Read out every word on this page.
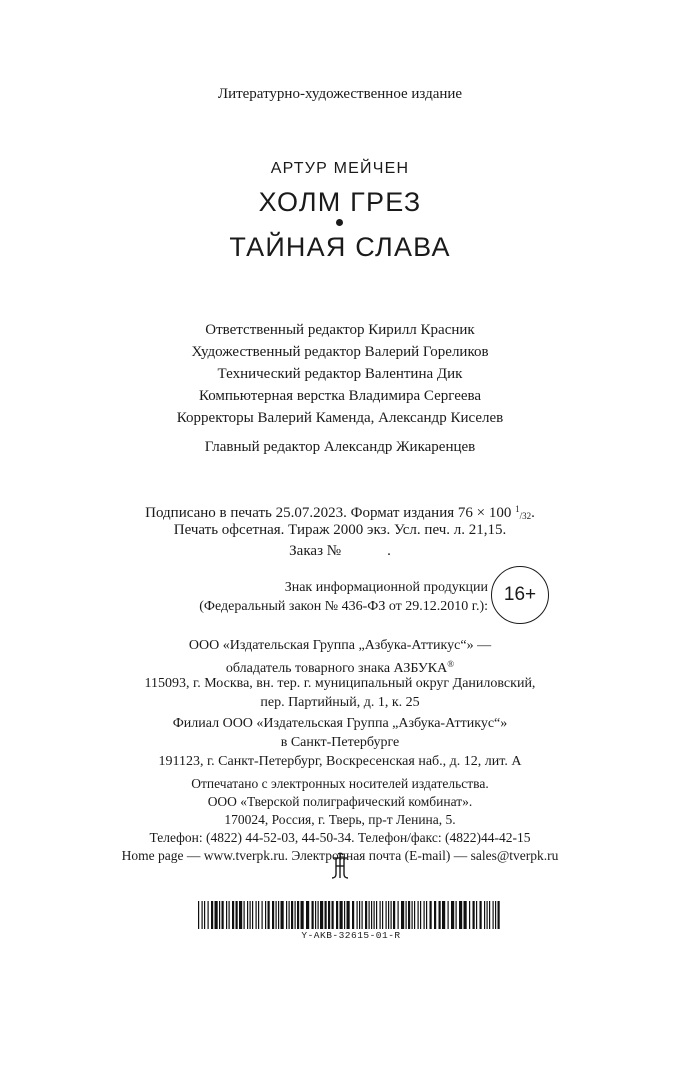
Литературно-художественное издание
АРТУР МЕЙЧЕН
ХОЛМ ГРЕЗ
ТАЙНАЯ СЛАВА
Ответственный редактор Кирилл Красник
Художественный редактор Валерий Гореликов
Технический редактор Валентина Дик
Компьютерная верстка Владимира Сергеева
Корректоры Валерий Каменда, Александр Киселев
Главный редактор Александр Жикаренцев
Подписано в печать 25.07.2023. Формат издания 76 × 100 $^1_{/32}$.
Печать офсетная. Тираж 2000 экз. Усл. печ. л. 21,15.
Заказ №	.
Знак информационной продукции
(Федеральный закон № 436-ФЗ от 29.12.2010 г.):
16+
ООО «Издательская Группа „Азбука-Аттикус“» —
обладатель товарного знака АЗБУКА®
115093, г. Москва, вн. тер. г. муниципальный округ Даниловский,
пер. Партийный, д. 1, к. 25
Филиал ООО «Издательская Группа „Азбука-Аттикус“»
в Санкт-Петербурге
191123, г. Санкт-Петербург, Воскресенская наб., д. 12, лит. А
Отпечатано с электронных носителей издательства.
ООО «Тверской полиграфический комбинат».
170024, Россия, г. Тверь, пр-т Ленина, 5.
Телефон: (4822) 44-52-03, 44-50-34. Телефон/факс: (4822)44-42-15
Home page — www.tverpk.ru. Электронная почта (E-mail) — sales@tverpk.ru
Y-AKB-32615-01-R
